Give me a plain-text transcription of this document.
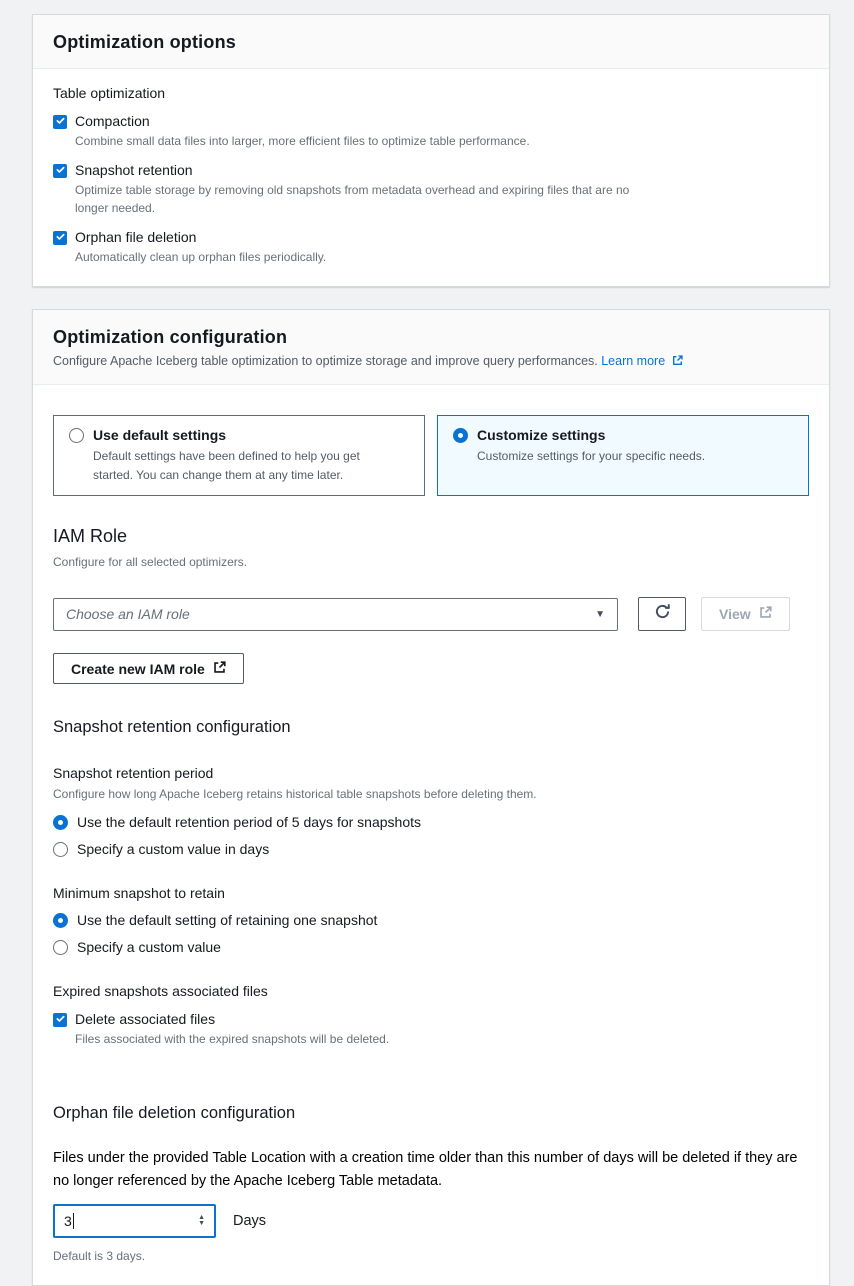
Optimization options
Table optimization
Compaction
Combine small data files into larger, more efficient files to optimize table performance.
Snapshot retention
Optimize table storage by removing old snapshots from metadata overhead and expiring files that are no longer needed.
Orphan file deletion
Automatically clean up orphan files periodically.
Optimization configuration
Configure Apache Iceberg table optimization to optimize storage and improve query performances. Learn more
Use default settings
Default settings have been defined to help you get started. You can change them at any time later.
Customize settings
Customize settings for your specific needs.
IAM Role
Configure for all selected optimizers.
Choose an IAM role	▼	View
Create new IAM role
Snapshot retention configuration
Snapshot retention period
Configure how long Apache Iceberg retains historical table snapshots before deleting them.
Use the default retention period of 5 days for snapshots
Specify a custom value in days
Minimum snapshot to retain
Use the default setting of retaining one snapshot
Specify a custom value
Expired snapshots associated files
Delete associated files
Files associated with the expired snapshots will be deleted.
Orphan file deletion configuration

Files under the provided Table Location with a creation time older than this number of days will be deleted if they are no longer referenced by the Apache Iceberg Table metadata.

3	▲
▼ Days
Default is 3 days.
